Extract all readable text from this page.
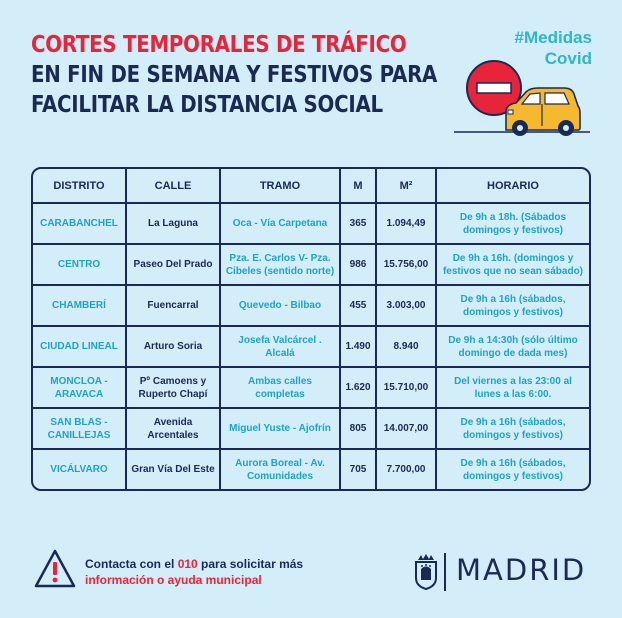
CORTES TEMPORALES DE TRÁFICO
EN FIN DE SEMANA Y FESTIVOS PARA
FACILITAR LA DISTANCIA SOCIAL
#Medidas
Covid
DISTRITO	CALLE	TRAMO	M	M²	HORARIO
CARABANCHEL	La Laguna	Oca - Vía Carpetana	365	1.094,49	De 9h a 18h. (Sábados domingos y festivos)
CENTRO	Paseo Del Prado	Pza. E. Carlos V- Pza. Cibeles (sentido norte)	986	15.756,00	De 9h a 16h. (domingos y festivos que no sean sábado)
CHAMBERÍ	Fuencarral	Quevedo - Bilbao	455	3.003,00	De 9h a 16h (sábados, domingos y festivos)
CIUDAD LINEAL	Arturo Soria	Josefa Valcárcel . Alcalá	1.490	8.940	De 9h a 14:30h (sólo último domingo de dada mes)
MONCLOA - ARAVACA	Pº Camoens y Ruperto Chapí	Ambas calles completas	1.620	15.710,00	Del viernes a las 23:00 al lunes a las 6:00.
SAN BLAS - CANILLEJAS	Avenida Arcentales	Miguel Yuste - Ajofrín	805	14.007,00	De 9h a 16h (sábados, domingos y festivos)
VICÁLVARO	Gran Vía Del Este	Aurora Boreal - Av. Comunidades	705	7.700,00	De 9h a 16h (sábados, domingos y festivos)
Contacta con el 010 para solicitar más
información o ayuda municipal	MADRID
